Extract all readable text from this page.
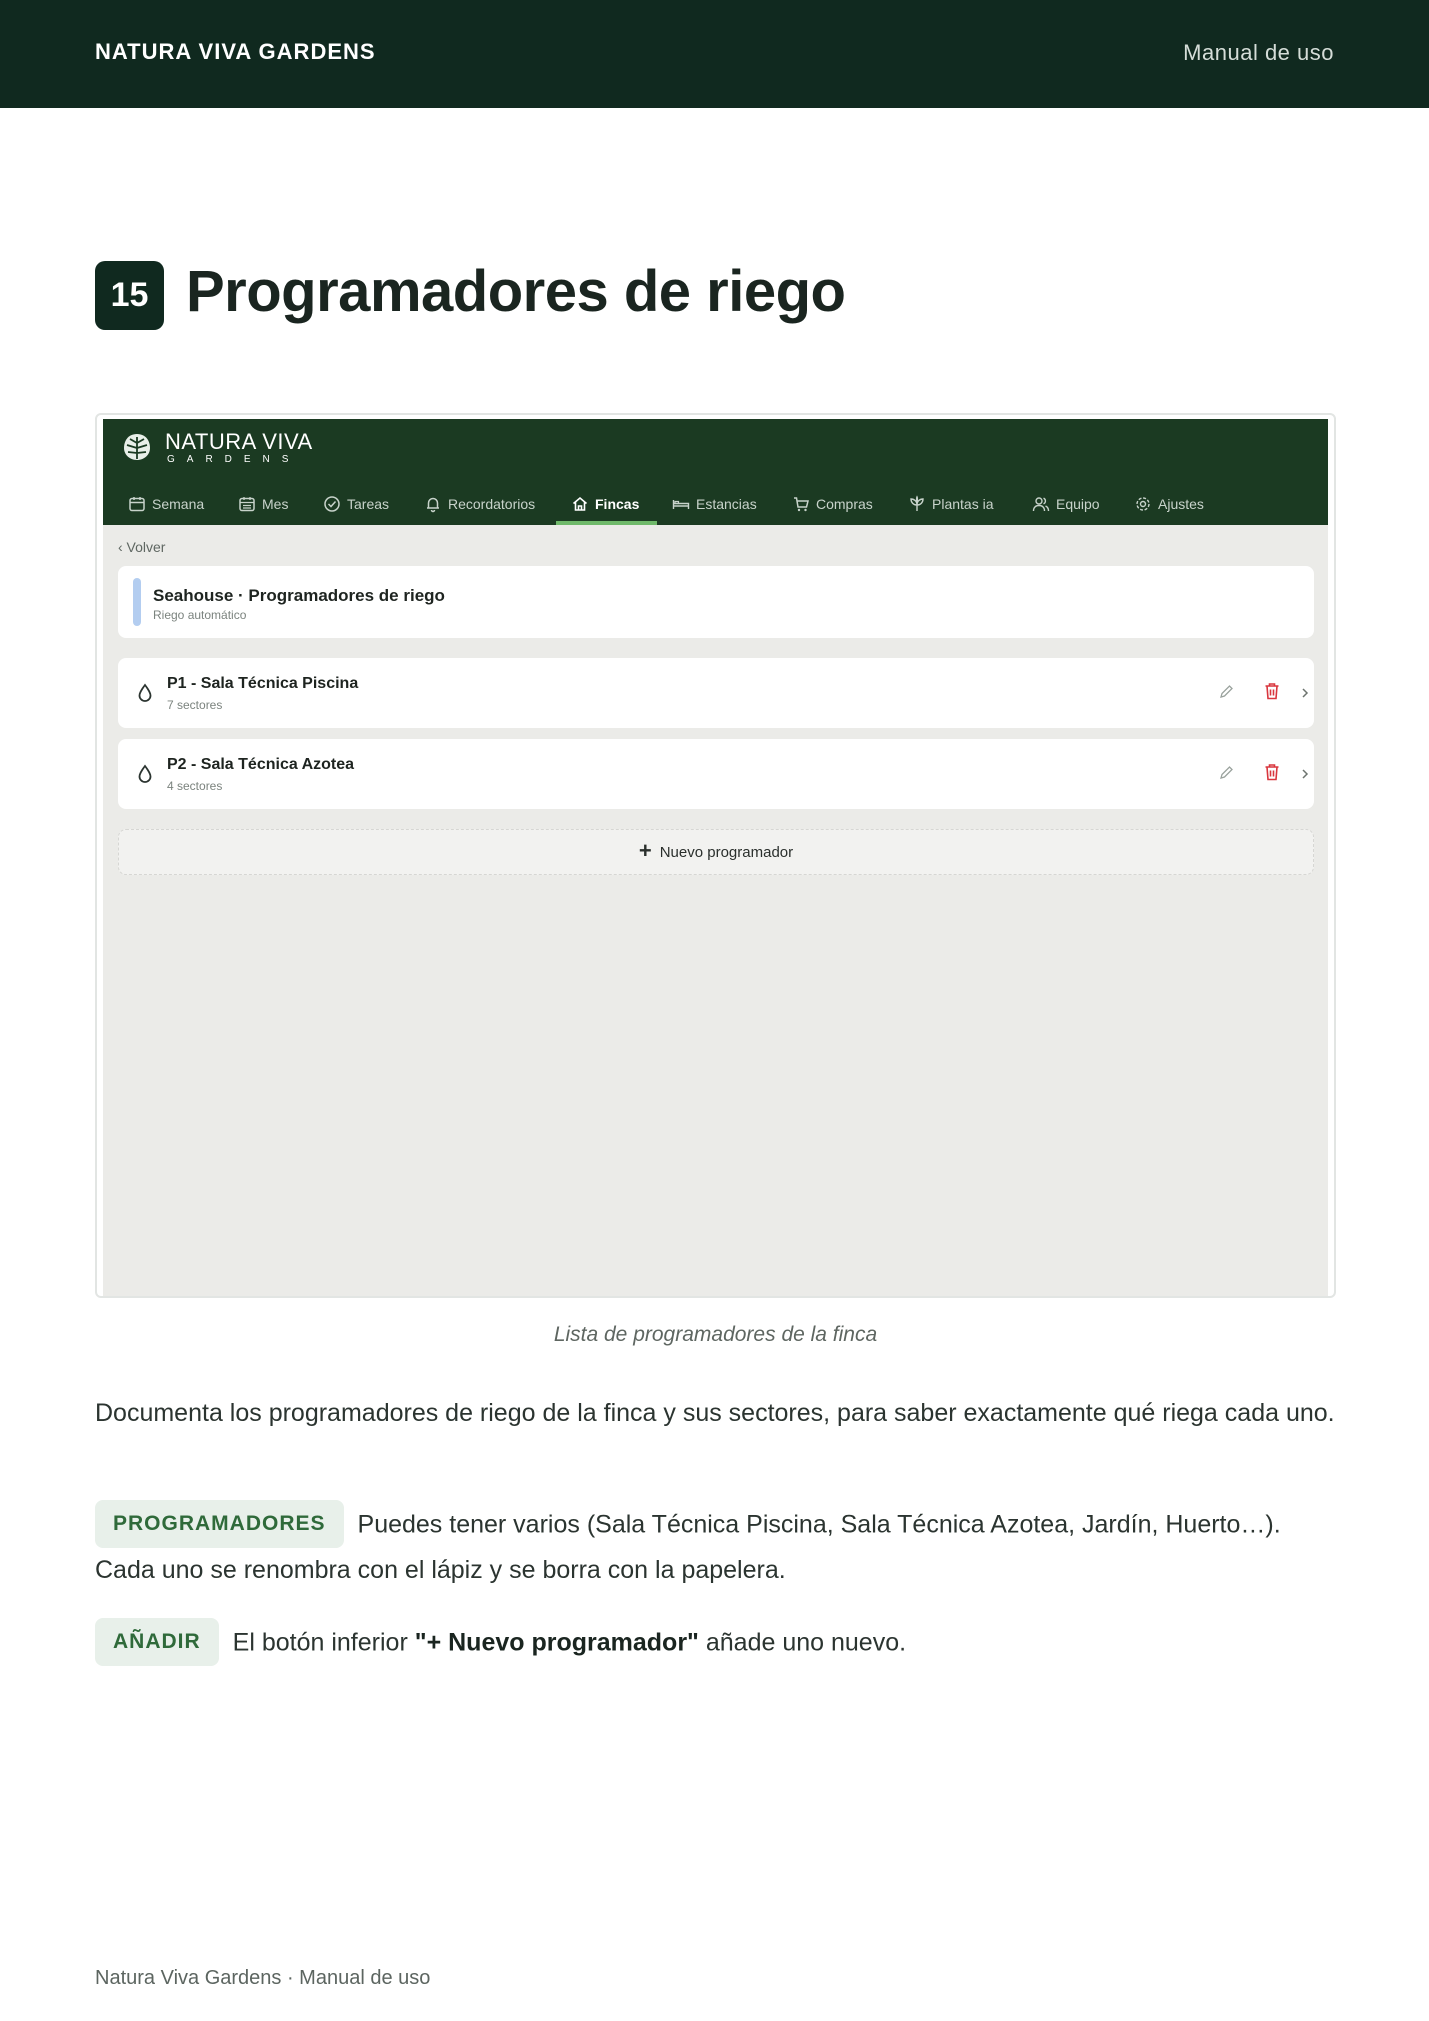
NATURA VIVA GARDENS	Manual de uso
15 Programadores de riego
NATURA VIVA
GARDENS
Semana	Mes	Tareas	Recordatorios	Fincas	Estancias	Compras	Plantas ia	Equipo	Ajustes
‹ Volver
Seahouse · Programadores de riego
Riego automático
P1 - Sala Técnica Piscina
7 sectores
P2 - Sala Técnica Azotea
4 sectores
+ Nuevo programador
Lista de programadores de la finca

Documenta los programadores de riego de la finca y sus sectores, para saber exactamente qué riega cada uno.

PROGRAMADORES Puedes tener varios (Sala Técnica Piscina, Sala Técnica Azotea, Jardín, Huerto…). Cada uno se renombra con el lápiz y se borra con la papelera.

AÑADIR El botón inferior "+ Nuevo programador" añade uno nuevo.

Natura Viva Gardens · Manual de uso
